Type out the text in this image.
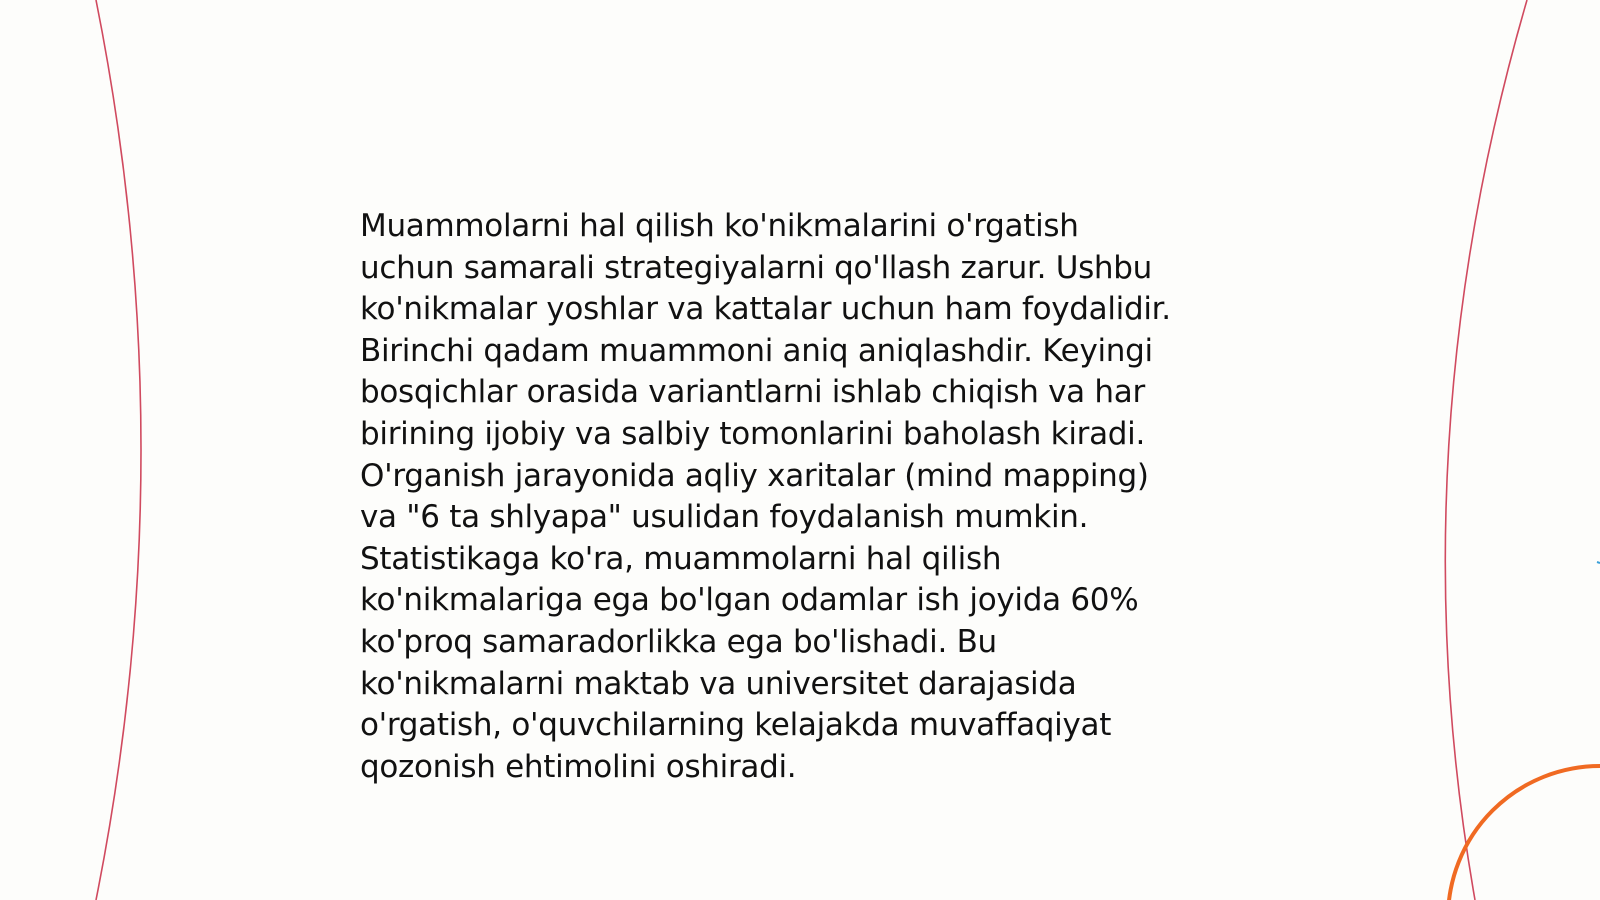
Muammolarni hal qilish ko'nikmalarini o'rgatish
uchun samarali strategiyalarni qo'llash zarur. Ushbu
ko'nikmalar yoshlar va kattalar uchun ham foydalidir.
Birinchi qadam muammoni aniq aniqlashdir. Keyingi
bosqichlar orasida variantlarni ishlab chiqish va har
birining ijobiy va salbiy tomonlarini baholash kiradi.
O'rganish jarayonida aqliy xaritalar (mind mapping)
va "6 ta shlyapa" usulidan foydalanish mumkin.
Statistikaga ko'ra, muammolarni hal qilish
ko'nikmalariga ega bo'lgan odamlar ish joyida 60%
ko'proq samaradorlikka ega bo'lishadi. Bu
ko'nikmalarni maktab va universitet darajasida
o'rgatish, o'quvchilarning kelajakda muvaffaqiyat
qozonish ehtimolini oshiradi.
